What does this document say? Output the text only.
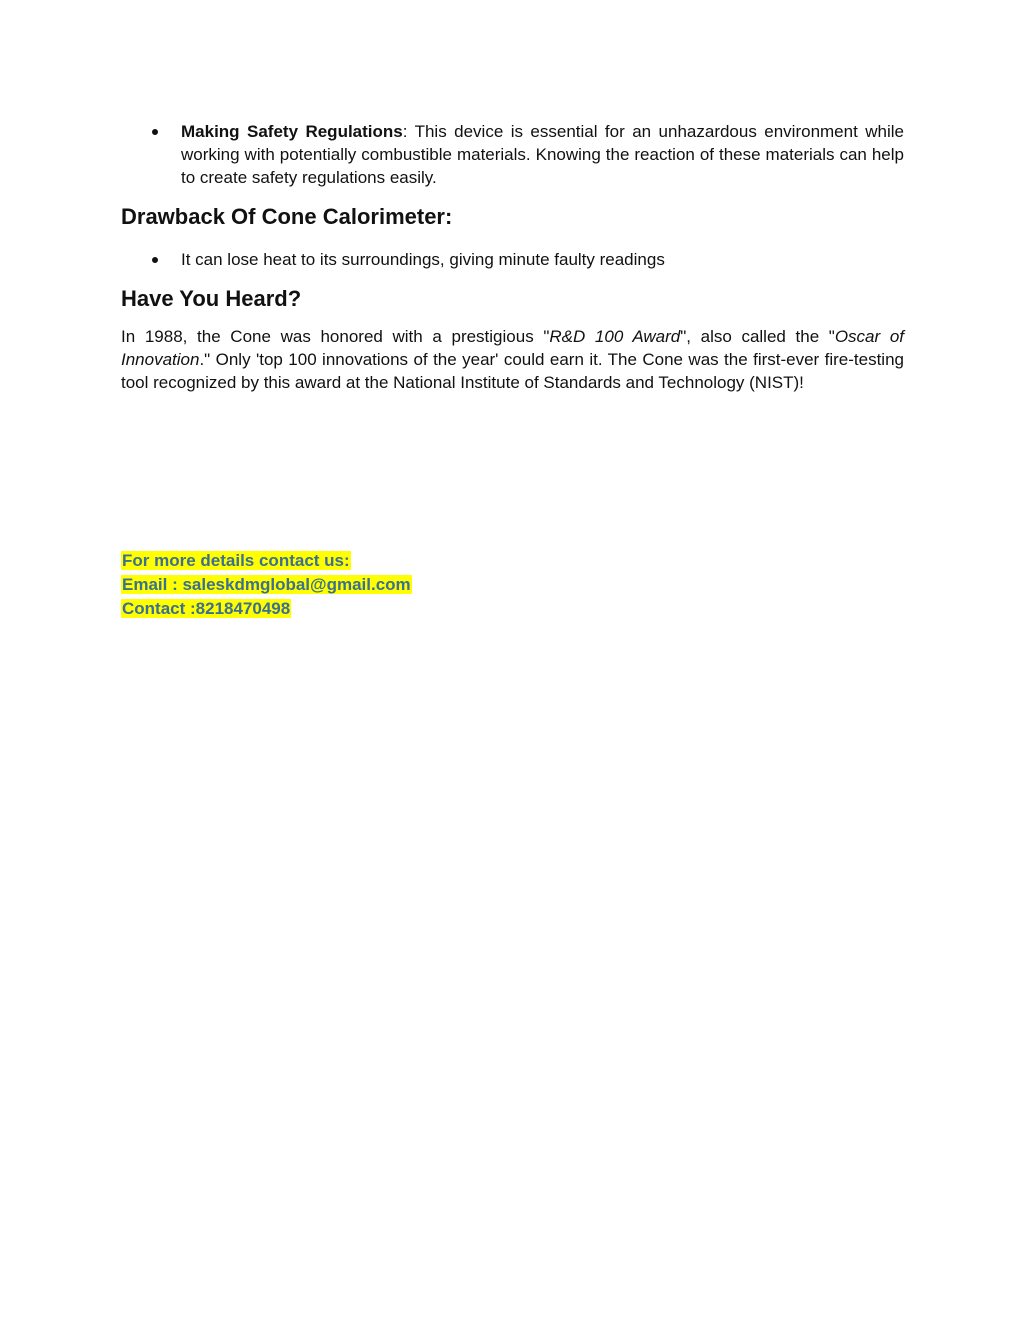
Making Safety Regulations: This device is essential for an unhazardous environment while working with potentially combustible materials. Knowing the reaction of these materials can help to create safety regulations easily.
Drawback Of Cone Calorimeter:
It can lose heat to its surroundings, giving minute faulty readings
Have You Heard?

In 1988, the Cone was honored with a prestigious "R&D 100 Award", also called the "Oscar of Innovation." Only 'top 100 innovations of the year' could earn it. The Cone was the first-ever fire-testing tool recognized by this award at the National Institute of Standards and Technology (NIST)!

For more details contact us:
Email : saleskdmglobal@gmail.com
Contact :8218470498
